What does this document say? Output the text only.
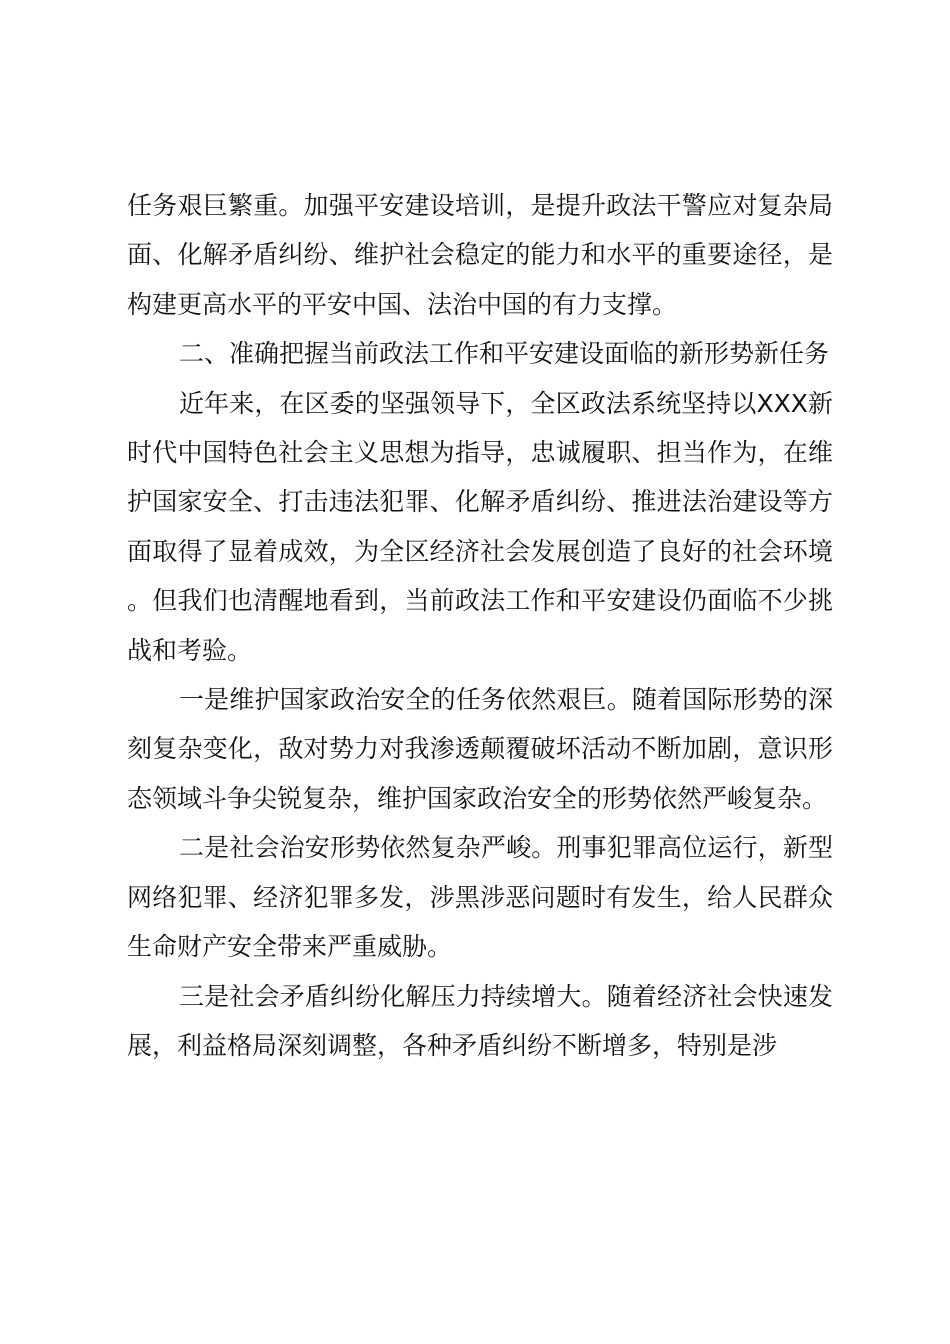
任务艰巨繁重。加强平安建设培训，是提升政法干警应对复杂局面、化解矛盾纠纷、维护社会稳定的能力和水平的重要途径，是构建更高水平的平安中国、法治中国的有力支撑。

二、准确把握当前政法工作和平安建设面临的新形势新任务

近年来，在区委的坚强领导下，全区政法系统坚持以XXX新时代中国特色社会主义思想为指导，忠诚履职、担当作为，在维护国家安全、打击违法犯罪、化解矛盾纠纷、推进法治建设等方面取得了显着成效，为全区经济社会发展创造了良好的社会环境。但我们也清醒地看到，当前政法工作和平安建设仍面临不少挑战和考验。

一是维护国家政治安全的任务依然艰巨。随着国际形势的深刻复杂变化，敌对势力对我渗透颠覆破坏活动不断加剧，意识形态领域斗争尖锐复杂，维护国家政治安全的形势依然严峻复杂。

二是社会治安形势依然复杂严峻。刑事犯罪高位运行，新型网络犯罪、经济犯罪多发，涉黑涉恶问题时有发生，给人民群众生命财产安全带来严重威胁。

三是社会矛盾纠纷化解压力持续增大。随着经济社会快速发展，利益格局深刻调整，各种矛盾纠纷不断增多，特别是涉
